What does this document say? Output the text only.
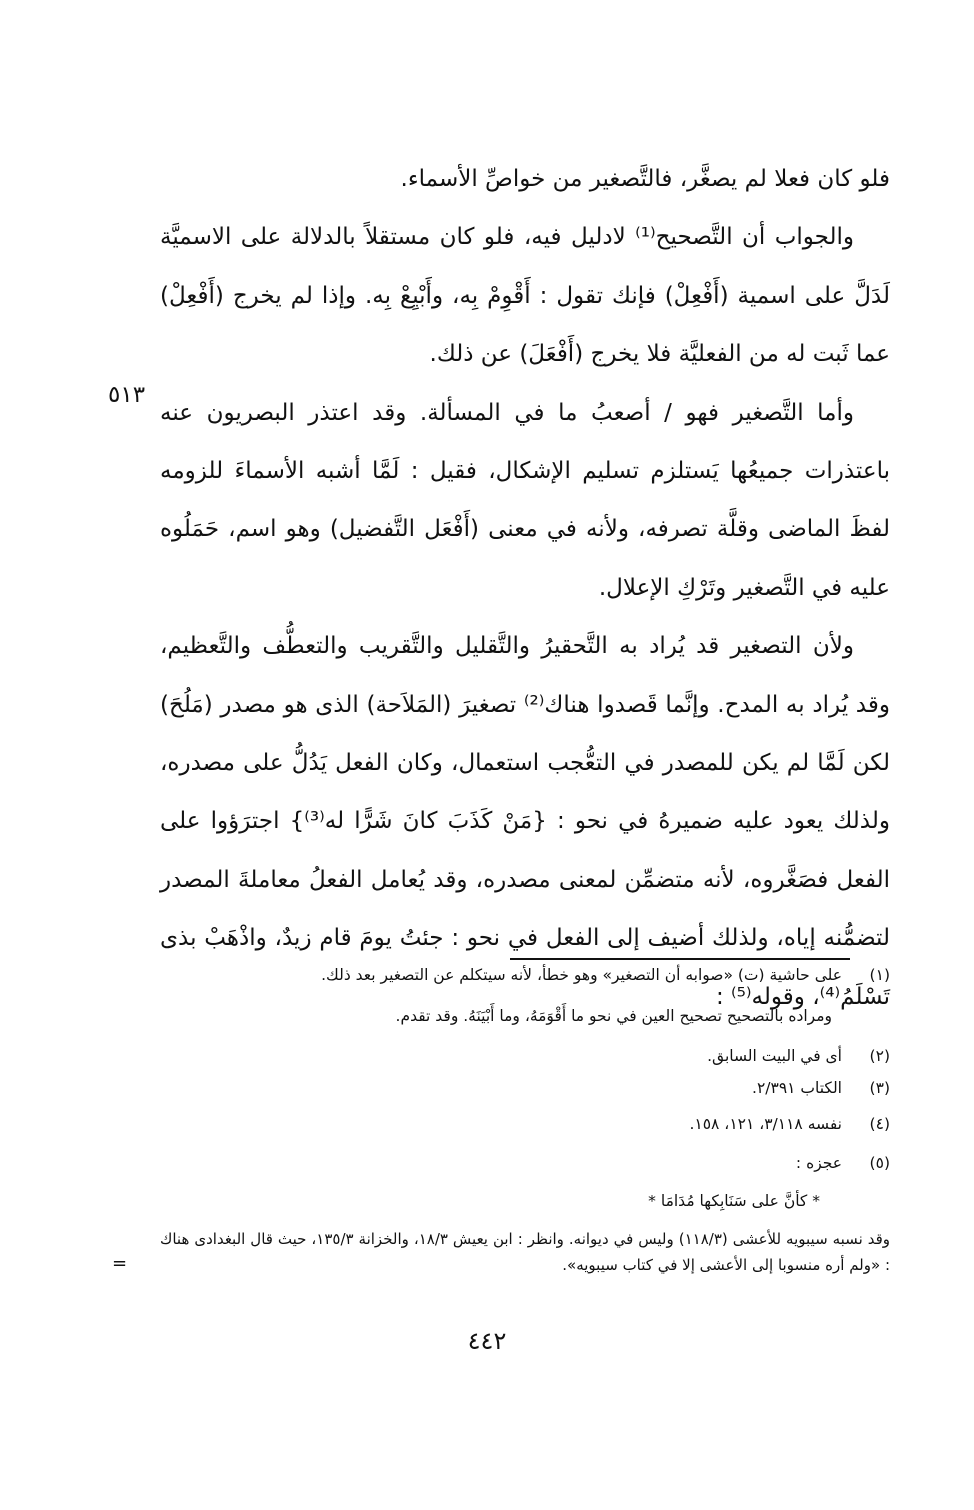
فلو كان فعلا لم يصغَّر، فالتَّصغير من خواصِّ الأسماء.

والجواب أن التَّصحيح⁽¹⁾ لادليل فيه، فلو كان مستقلاً بالدلالة على الاسميَّة لَدَلَّ على اسمية (أَفْعِلْ) فإنك تقول : أَقْوِمْ بِه، وأَبْيِعْ بِه. وإذا لم يخرج (أَفْعِلْ) عما ثَبت له من الفعليَّة فلا يخرج (أَفْعَلَ) عن ذلك.

وأما التَّصغير فهو / أصعبُ ما في المسألة. وقد اعتذر البصريون عنه باعتذرات جميعُها يَستلزم تسليم الإشكال، فقيل : لَمَّا أشبه الأسماءَ للزومه لفظَ الماضى وقلَّة تصرفه، ولأنه في معنى (أَفْعَل التَّفضيل) وهو اسم، حَمَلُوه عليه في التَّصغير وتَرْكِ الإعلال.

ولأن التصغير قد يُراد به التَّحقيرُ والتَّقليل والتَّقريب والتعطُّف والتَّعظيم، وقد يُراد به المدح. وإنَّما قَصدوا هناك⁽²⁾ تصغيرَ (المَلاَحة) الذى هو مصدر (مَلُحَ) لكن لَمَّا لم يكن للمصدر في التعُّجب استعمال، وكان الفعل يَدُلُّ على مصدره، ولذلك يعود عليه ضميرهُ في نحو : {مَنْ كَذَبَ كانَ شَرًّا له⁽³⁾} اجترَؤوا على الفعل فصَغَّروه، لأنه متضمِّن لمعنى مصدره، وقد يُعامل الفعلُ معاملةَ المصدر لتضمُّنه إياه، ولذلك أضيف إلى الفعل في نحو : جئتُ يومَ قام زيدٌ، واذْهَبْ بذى تَسْلَمُ⁽⁴⁾، وقوله⁽⁵⁾ :

٥١٣
(١)على حاشية (ت) «صوابه أن التصغير» وهو خطأ، لأنه سيتكلم عن التصغير بعد ذلك.
ومراده بالتصحيح تصحيح العين في نحو ما أَقْوَمَهُ، وما أَبْيَنَهُ. وقد تقدم.
(٢)أى في البيت السابق.
(٣)الكتاب ٢/٣٩١.
(٤)نفسه ٣/١١٨، ١٢١، ١٥٨.
(٥)عجزه :
* كأنَّ على سَنَابِكها مُدَامَا *
وقد نسبه سيبويه للأعشى (١١٨/٣) وليس في ديوانه. وانظر : ابن يعيش ١٨/٣، والخزانة ١٣٥/٣، حيث قال البغدادى هناك : «ولم أره منسوبا إلى الأعشى إلا في كتاب سيبويه».
=
٤٤٢
